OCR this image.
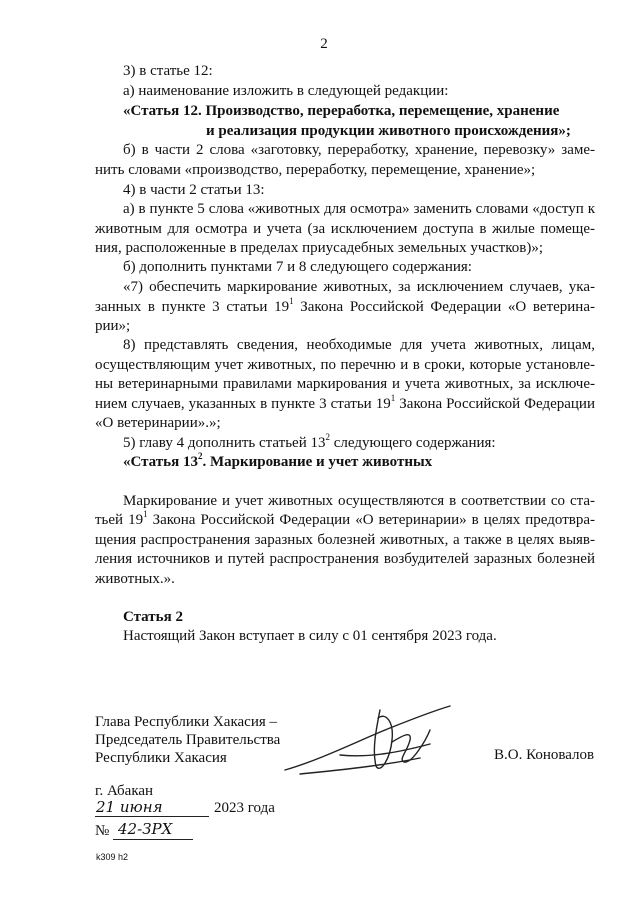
2
3) в статье 12:
а) наименование изложить в следующей редакции:
«Статья 12. Производство, переработка, перемещение, хранение
и реализация продукции животного происхождения»;
б) в части 2 слова «заготовку, переработку, хранение, перевозку» заме-
нить словами «производство, переработку, перемещение, хранение»;
4) в части 2 статьи 13:
а) в пункте 5 слова «животных для осмотра» заменить словами «доступ к
животным для осмотра и учета (за исключением доступа в жилые помеще-
ния, расположенные в пределах приусадебных земельных участков)»;
б) дополнить пунктами 7 и 8 следующего содержания:
«7) обеспечить маркирование животных, за исключением случаев, ука-
занных в пункте 3 статьи $19^1$ Закона Российской Федерации «О ветерина-
рии»;
8) представлять сведения, необходимые для учета животных, лицам,
осуществляющим учет животных, по перечню и в сроки, которые установле-
ны ветеринарными правилами маркирования и учета животных, за исключе-
нием случаев, указанных в пункте 3 статьи $19^1$ Закона Российской Федерации
«О ветеринарии».»;
5) главу 4 дополнить статьей $13^2$ следующего содержания:
«Статья $13^2$. Маркирование и учет животных
Маркирование и учет животных осуществляются в соответствии со ста-
тьей $19^1$ Закона Российской Федерации «О ветеринарии» в целях предотвра-
щения распространения заразных болезней животных, а также в целях выяв-
ления источников и путей распространения возбудителей заразных болезней
животных.».
Статья 2
Настоящий Закон вступает в силу с 01 сентября 2023 года.
Глава Республики Хакасия –
Председатель Правительства
Республики Хакасия	В.О. Коновалов
г. Абакан
21 июня	2023 года
№ 42-ЗРХ
k309 h2
